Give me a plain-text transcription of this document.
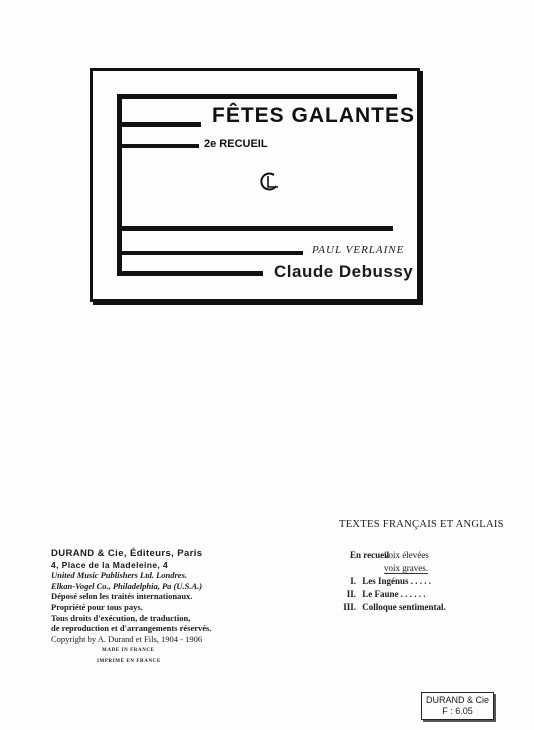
FÊTES GALANTES
2e RECUEIL
PAUL VERLAINE
Claude Debussy
TEXTES FRANÇAIS ET ANGLAIS
En recueil
voix élevées
voix graves.
I. Les Ingénus . . . . .
II. Le Faune . . . . . .
III. Colloque sentimental.
DURAND & Cie, Éditeurs, Paris
4, Place de la Madeleine, 4
United Music Publishers Ltd. Londres.
Elkan-Vogel Co., Philadelphia, Pa (U.S.A.)
Déposé selon les traités internationaux.
Propriété pour tous pays.
Tous droits d'exécution, de traduction,
de reproduction et d'arrangements réservés.
Copyright by A. Durand et Fils, 1904 - 1906
MADE IN FRANCE
IMPRIMÉ EN FRANCE
DURAND & Cie
F : 6.05
